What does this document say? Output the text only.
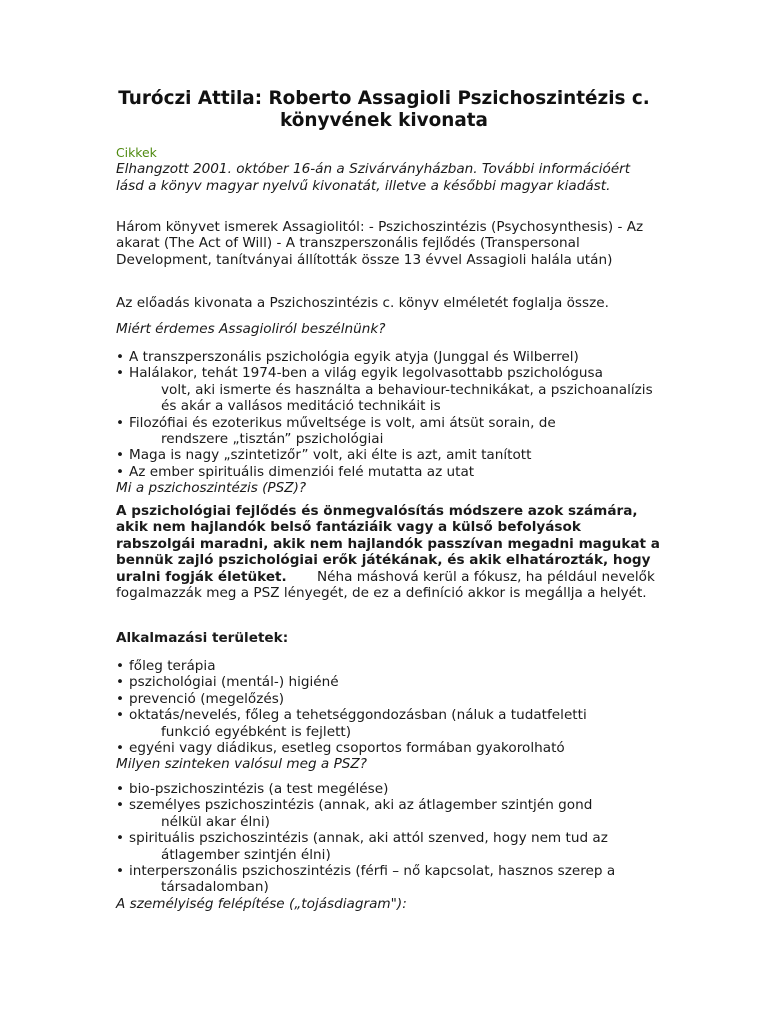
Turóczi Attila: Roberto Assagioli Pszichoszintézis c. könyvének kivonata
Cikkek

Elhangzott 2001. október 16-án a Szivárványházban. További információért lásd a könyv magyar nyelvű kivonatát, illetve a későbbi magyar kiadást.

Három könyvet ismerek Assagiolitól: - Pszichoszintézis (Psychosynthesis) - Az akarat (The Act of Will) - A transzperszonális fejlődés (Transpersonal Development, tanítványai állították össze 13 évvel Assagioli halála után)

Az előadás kivonata a Pszichoszintézis c. könyv elméletét foglalja össze.

Miért érdemes Assagioliról beszélnünk?

• A transzperszonális pszichológia egyik atyja (Junggal és Wilberrel)
• Halálakor, tehát 1974-ben a világ egyik legolvasottabb pszichológusa
volt, aki ismerte és használta a behaviour-technikákat, a pszichoanalízis és akár a vallásos meditáció technikáit is
• Filozófiai és ezoterikus műveltsége is volt, ami átsüt sorain, de
rendszere „tisztán” pszichológiai
• Maga is nagy „szintetizőr” volt, aki élte is azt, amit tanított
• Az ember spirituális dimenziói felé mutatta az utat

Mi a pszichoszintézis (PSZ)?

A pszichológiai fejlődés és önmegvalósítás módszere azok számára, akik nem hajlandók belső fantáziáik vagy a külső befolyások rabszolgái maradni, akik nem hajlandók passzívan megadni magukat a bennük zajló pszichológiai erők játékának, és akik elhatározták, hogy uralni fogják életüket. Néha máshová kerül a fókusz, ha például nevelők fogalmazzák meg a PSZ lényegét, de ez a definíció akkor is megállja a helyét.

Alkalmazási területek:

• főleg terápia
• pszichológiai (mentál-) higiéné
• prevenció (megelőzés)
• oktatás/nevelés, főleg a tehetséggondozásban (náluk a tudatfeletti
funkció egyébként is fejlett)
• egyéni vagy diádikus, esetleg csoportos formában gyakorolható

Milyen szinteken valósul meg a PSZ?

• bio-pszichoszintézis (a test megélése)
• személyes pszichoszintézis (annak, aki az átlagember szintjén gond
nélkül akar élni)
• spirituális pszichoszintézis (annak, aki attól szenved, hogy nem tud az
átlagember szintjén élni)
• interperszonális pszichoszintézis (férfi – nő kapcsolat, hasznos szerep a
társadalomban)

A személyiség felépítése („tojásdiagram"):
